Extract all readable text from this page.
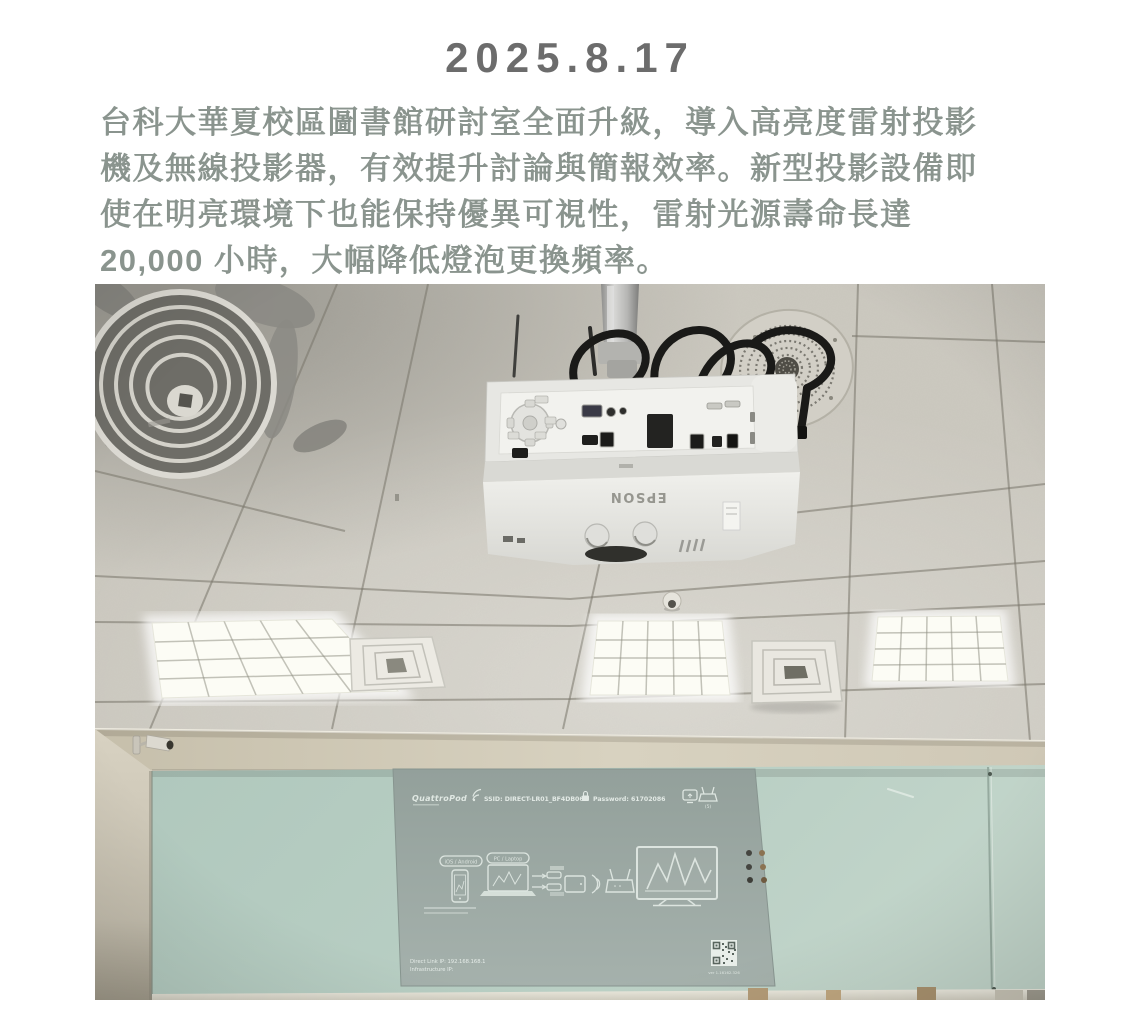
2025.8.17
台科大華夏校區圖書館研討室全面升級，導入高亮度雷射投影
機及無線投影器，有效提升討論與簡報效率。新型投影設備即
使在明亮環境下也能保持優異可視性，雷射光源壽命長達
20,000 小時，大幅降低燈泡更換頻率。
